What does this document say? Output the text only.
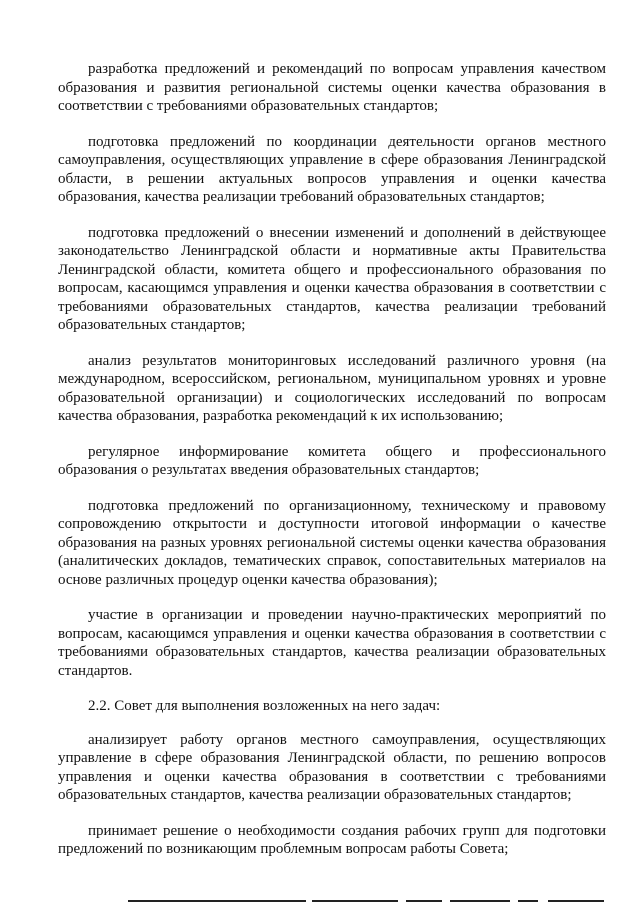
разработка предложений и рекомендаций по вопросам управления качеством образования и развития региональной системы оценки качества образования в соответствии с требованиями образовательных стандартов;

подготовка предложений по координации деятельности органов местного самоуправления, осуществляющих управление в сфере образования Ленинградской области, в решении актуальных вопросов управления и оценки качества образования, качества реализации требований образовательных стандартов;

подготовка предложений о внесении изменений и дополнений в действующее законодательство Ленинградской области и нормативные акты Правительства Ленинградской области, комитета общего и профессионального образования по вопросам, касающимся управления и оценки качества образования в соответствии с требованиями образовательных стандартов, качества реализации требований образовательных стандартов;

анализ результатов мониторинговых исследований различного уровня (на международном, всероссийском, региональном, муниципальном уровнях и уровне образовательной организации) и социологических исследований по вопросам качества образования, разработка рекомендаций к их использованию;

регулярное информирование комитета общего и профессионального образования о результатах введения образовательных стандартов;

подготовка предложений по организационному, техническому и правовому сопровождению открытости и доступности итоговой информации о качестве образования на разных уровнях региональной системы оценки качества образования (аналитических докладов, тематических справок, сопоставительных материалов на основе различных процедур оценки качества образования);

участие в организации и проведении научно-практических мероприятий по вопросам, касающимся управления и оценки качества образования в соответствии с требованиями образовательных стандартов, качества реализации образовательных стандартов.

2.2. Совет для выполнения возложенных на него задач:

анализирует работу органов местного самоуправления, осуществляющих управление в сфере образования Ленинградской области, по решению вопросов управления и оценки качества образования в соответствии с требованиями образовательных стандартов, качества реализации образовательных стандартов;

принимает решение о необходимости создания рабочих групп для подготовки предложений по возникающим проблемным вопросам работы Совета;
